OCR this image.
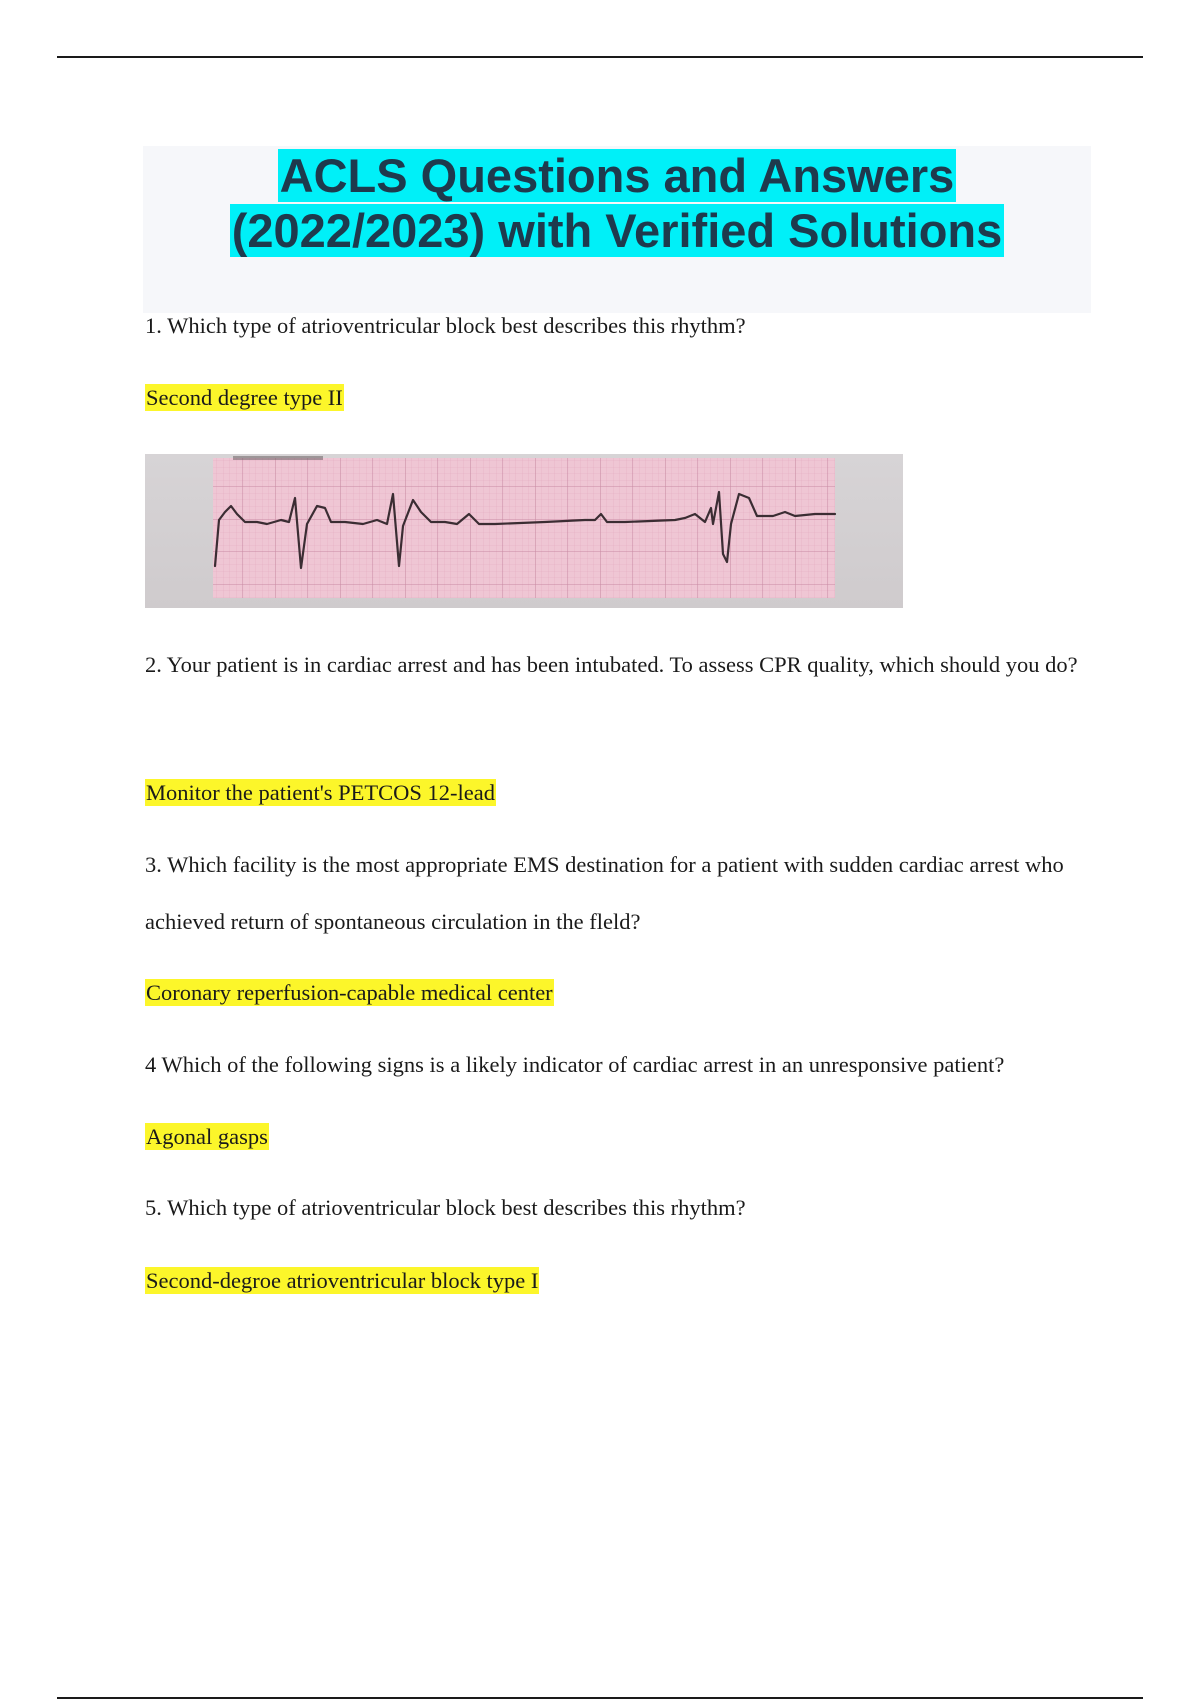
ACLS Questions and Answers
(2022/2023) with Verified Solutions
1. Which type of atrioventricular block best describes this rhythm?
Second degree type II
2. Your patient is in cardiac arrest and has been intubated. To assess CPR quality, which should you do?
Monitor the patient's PETCOS 12-lead
3. Which facility is the most appropriate EMS destination for a patient with sudden cardiac arrest who achieved return of spontaneous circulation in the fleld?
Coronary reperfusion-capable medical center
4 Which of the following signs is a likely indicator of cardiac arrest in an unresponsive patient?
Agonal gasps
5. Which type of atrioventricular block best describes this rhythm?
Second-degroe atrioventricular block type I
